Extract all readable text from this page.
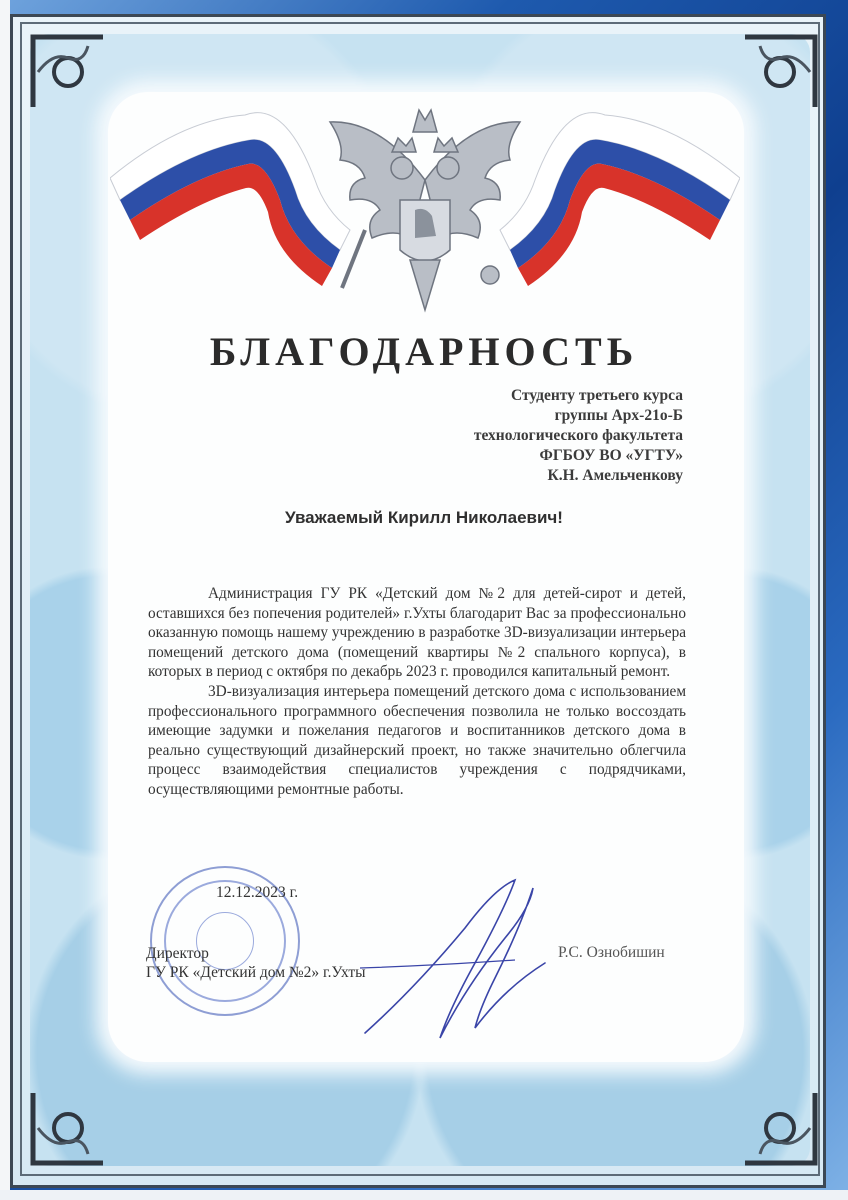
БЛАГОДАРНОСТЬ
Студенту третьего курса
группы Арх-21о-Б
технологического факультета
ФГБОУ ВО «УГТУ»
К.Н. Амельченкову
Уважаемый Кирилл Николаевич!

Администрация ГУ РК «Детский дом №2 для детей-сирот и детей, оставшихся без попечения родителей» г.Ухты благодарит Вас за профессионально оказанную помощь нашему учреждению в разработке 3D-визуализации интерьера помещений детского дома (помещений квартиры №2 спального корпуса), в которых в период с октября по декабрь 2023 г. проводился капитальный ремонт.

3D-визуализация интерьера помещений детского дома с использованием профессионального программного обеспечения позволила не только воссоздать имеющие задумки и пожелания педагогов и воспитанников детского дома в реально существующий дизайнерский проект, но также значительно облегчила процесс взаимодействия специалистов учреждения с подрядчиками, осуществляющими ремонтные работы.

12.12.2023 г.
Директор
ГУ РК «Детский дом №2» г.Ухты
Р.С. Ознобишин
